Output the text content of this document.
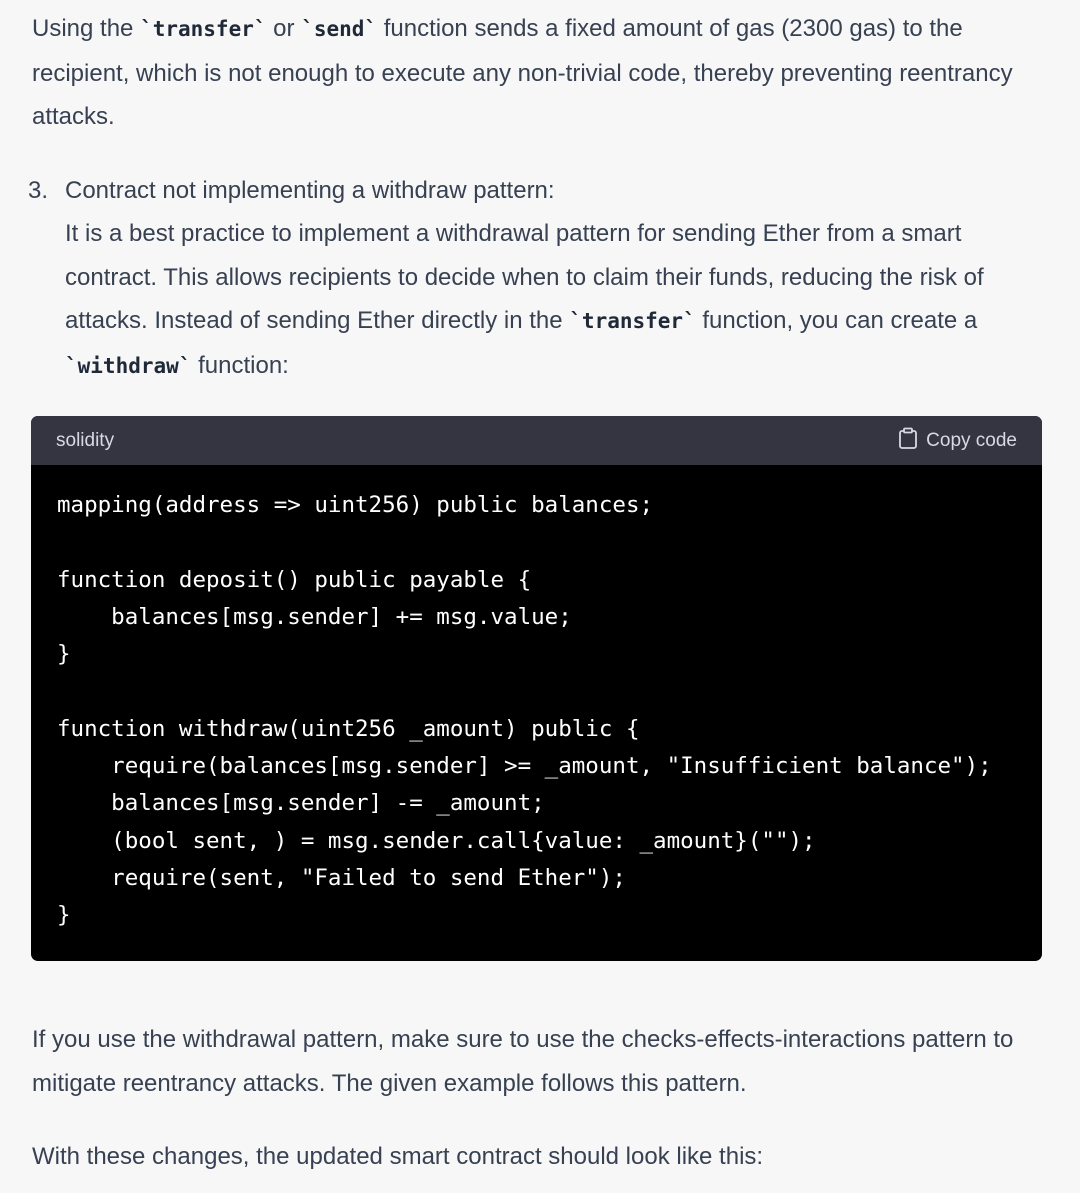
Using the `transfer` or `send` function sends a fixed amount of gas (2300 gas) to the recipient, which is not enough to execute any non-trivial code, thereby preventing reentrancy attacks.

3. Contract not implementing a withdraw pattern:

It is a best practice to implement a withdrawal pattern for sending Ether from a smart contract. This allows recipients to decide when to claim their funds, reducing the risk of attacks. Instead of sending Ether directly in the `transfer` function, you can create a `withdraw` function:

solidity	Copy code
mapping(address => uint256) public balances;

function deposit() public payable {
balances[msg.sender] += msg.value;
}

function withdraw(uint256 _amount) public {
require(balances[msg.sender] >= _amount, "Insufficient balance");
balances[msg.sender] -= _amount;
(bool sent, ) = msg.sender.call{value: _amount}("");
require(sent, "Failed to send Ether");
}

If you use the withdrawal pattern, make sure to use the checks-effects-interactions pattern to mitigate reentrancy attacks. The given example follows this pattern.

With these changes, the updated smart contract should look like this:
